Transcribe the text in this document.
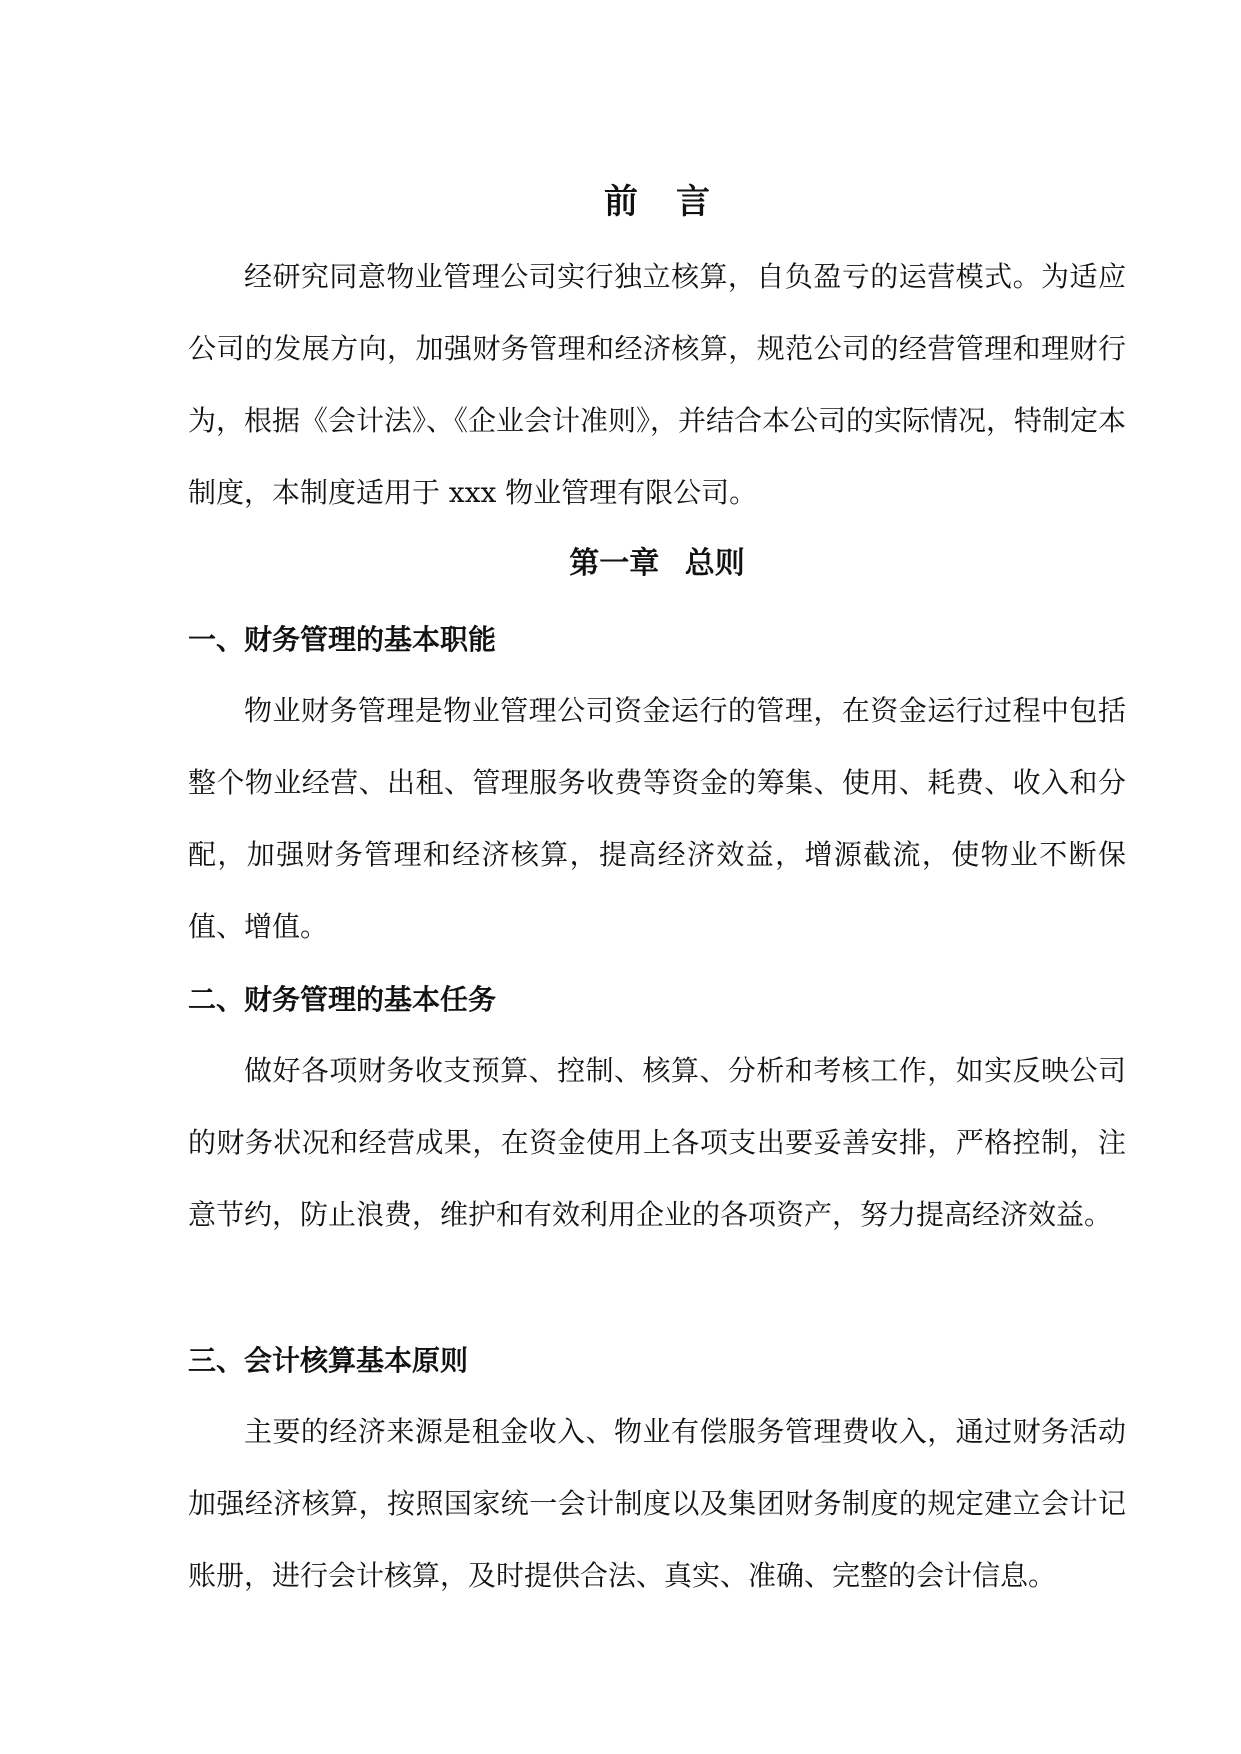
前言

经研究同意物业管理公司实行独立核算，自负盈亏的运营模式。为适应公司的发展方向，加强财务管理和经济核算，规范公司的经营管理和理财行为，根据《会计法》、《企业会计准则》，并结合本公司的实际情况，特制定本制度，本制度适用于 xxx 物业管理有限公司。

第一章 总则
一、财务管理的基本职能

物业财务管理是物业管理公司资金运行的管理，在资金运行过程中包括整个物业经营、出租、管理服务收费等资金的筹集、使用、耗费、收入和分配，加强财务管理和经济核算，提高经济效益，增源截流，使物业不断保值、增值。

二、财务管理的基本任务

做好各项财务收支预算、控制、核算、分析和考核工作，如实反映公司的财务状况和经营成果，在资金使用上各项支出要妥善安排，严格控制，注意节约，防止浪费，维护和有效利用企业的各项资产，努力提高经济效益。

三、会计核算基本原则

主要的经济来源是租金收入、物业有偿服务管理费收入，通过财务活动加强经济核算，按照国家统一会计制度以及集团财务制度的规定建立会计记账册，进行会计核算，及时提供合法、真实、准确、完整的会计信息。
